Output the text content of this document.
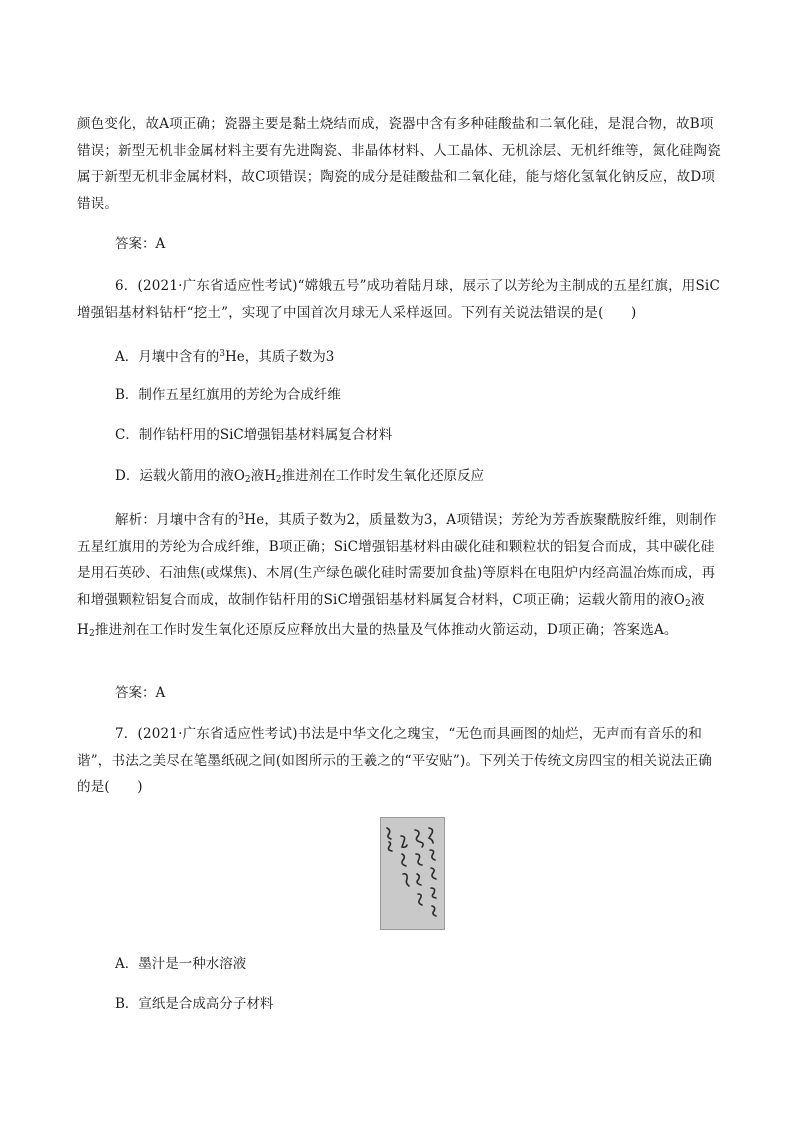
颜色变化，故A项正确；瓷器主要是黏土烧结而成，瓷器中含有多种硅酸盐和二氧化硅，是混合物，故B项错误；新型无机非金属材料主要有先进陶瓷、非晶体材料、人工晶体、无机涂层、无机纤维等，氮化硅陶瓷属于新型无机非金属材料，故C项错误；陶瓷的成分是硅酸盐和二氧化硅，能与熔化氢氧化钠反应，故D项错误。

答案：A

6．(2021·广东省适应性考试)“嫦娥五号”成功着陆月球，展示了以芳纶为主制成的五星红旗，用SiC增强铝基材料钻杆“挖土”，实现了中国首次月球无人采样返回。下列有关说法错误的是(　　)

A．月壤中含有的$^3$He，其质子数为3

B．制作五星红旗用的芳纶为合成纤维

C．制作钻杆用的SiC增强铝基材料属复合材料

D．运载火箭用的液$O_2$液$H_2$推进剂在工作时发生氧化还原反应

解析：月壤中含有的$^3$He，其质子数为2，质量数为3，A项错误；芳纶为芳香族聚酰胺纤维，则制作五星红旗用的芳纶为合成纤维，B项正确；SiC增强铝基材料由碳化硅和颗粒状的铝复合而成，其中碳化硅是用石英砂、石油焦(或煤焦)、木屑(生产绿色碳化硅时需要加食盐)等原料在电阻炉内经高温冶炼而成，再和增强颗粒铝复合而成，故制作钻杆用的SiC增强铝基材料属复合材料，C项正确；运载火箭用的液$O_2$液$H_2$推进剂在工作时发生氧化还原反应释放出大量的热量及气体推动火箭运动，D项正确；答案选A。

答案：A

7．(2021·广东省适应性考试)书法是中华文化之瑰宝，“无色而具画图的灿烂，无声而有音乐的和谐”，书法之美尽在笔墨纸砚之间(如图所示的王羲之的“平安贴”)。下列关于传统文房四宝的相关说法正确的是(　　)

A．墨汁是一种水溶液

B．宣纸是合成高分子材料
